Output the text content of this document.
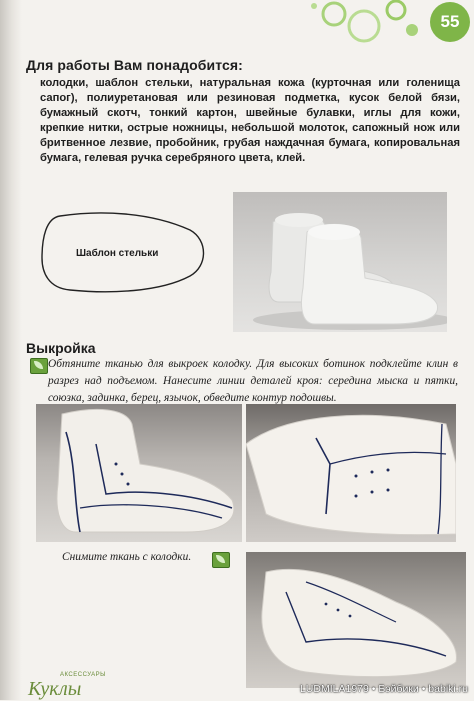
55
Для работы Вам понадобится:
колодки, шаблон стельки, натуральная кожа (курточная или голенища сапог), полиуретановая или резиновая подметка, кусок белой бязи, бумажный скотч, тонкий картон, швейные булавки, иглы для кожи, крепкие нитки, острые ножницы, небольшой молоток, сапожный нож или бритвенное лезвие, пробойник, грубая наждачная бумага, копировальная бумага, гелевая ручка серебряного цвета, клей.
Шаблон стельки
Выкройка
Обтяните тканью для выкроек колодку. Для высоких ботинок подклейте клин в разрез над подъемом. Нанесите линии деталей кроя: середина мыска и пятки, союзка, задинка, берец, язычок, обведите контур подошвы.
Снимите ткань с колодки.
АКСЕССУАРЫ
Куклы	LUDMILA1979 • Бэйбики • babiki.ru
